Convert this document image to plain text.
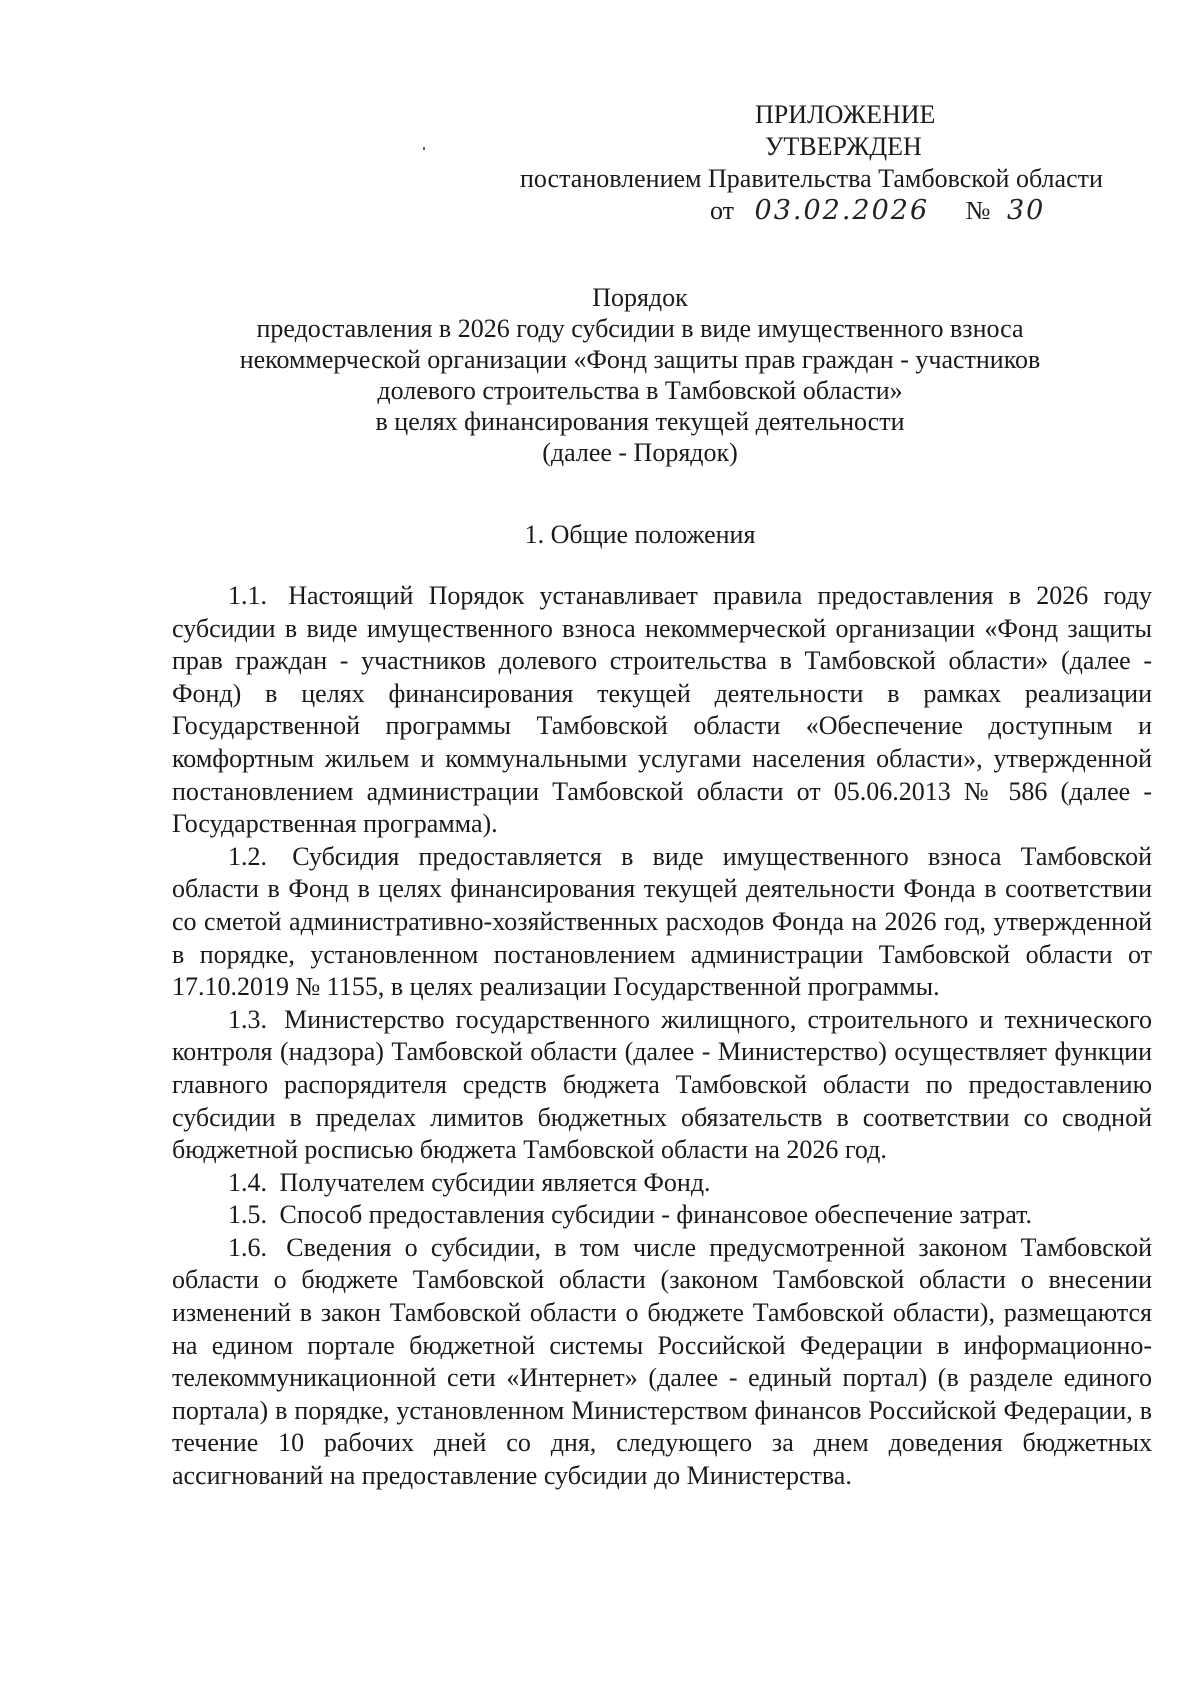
ПРИЛОЖЕНИЕ
УТВЕРЖДЕН
постановлением Правительства Тамбовской области
от 03.02.2026 № 30
Порядок
предоставления в 2026 году субсидии в виде имущественного взноса
некоммерческой организации «Фонд защиты прав граждан - участников
долевого строительства в Тамбовской области»
в целях финансирования текущей деятельности
(далее - Порядок)
1. Общие положения

1.1. Настоящий Порядок устанавливает правила предоставления в 2026 году субсидии в виде имущественного взноса некоммерческой организации «Фонд защиты прав граждан - участников долевого строительства в Тамбовской области» (далее - Фонд) в целях финансирования текущей деятельности в рамках реализации Государственной программы Тамбовской области «Обеспечение доступным и комфортным жильем и коммунальными услугами населения области», утвержденной постановлением администрации Тамбовской области от 05.06.2013 № 586 (далее - Государственная программа).

1.2. Субсидия предоставляется в виде имущественного взноса Тамбовской области в Фонд в целях финансирования текущей деятельности Фонда в соответствии со сметой административно-хозяйственных расходов Фонда на 2026 год, утвержденной в порядке, установленном постановлением администрации Тамбовской области от 17.10.2019 № 1155, в целях реализации Государственной программы.

1.3. Министерство государственного жилищного, строительного и технического контроля (надзора) Тамбовской области (далее - Министерство) осуществляет функции главного распорядителя средств бюджета Тамбовской области по предоставлению субсидии в пределах лимитов бюджетных обязательств в соответствии со сводной бюджетной росписью бюджета Тамбовской области на 2026 год.

1.4. Получателем субсидии является Фонд.

1.5. Способ предоставления субсидии - финансовое обеспечение затрат.

1.6. Сведения о субсидии, в том числе предусмотренной законом Тамбовской области о бюджете Тамбовской области (законом Тамбовской области о внесении изменений в закон Тамбовской области о бюджете Тамбовской области), размещаются на едином портале бюджетной системы Российской Федерации в информационно-телекоммуникационной сети «Интернет» (далее - единый портал) (в разделе единого портала) в порядке, установленном Министерством финансов Российской Федерации, в течение 10 рабочих дней со дня, следующего за днем доведения бюджетных ассигнований на предоставление субсидии до Министерства.
